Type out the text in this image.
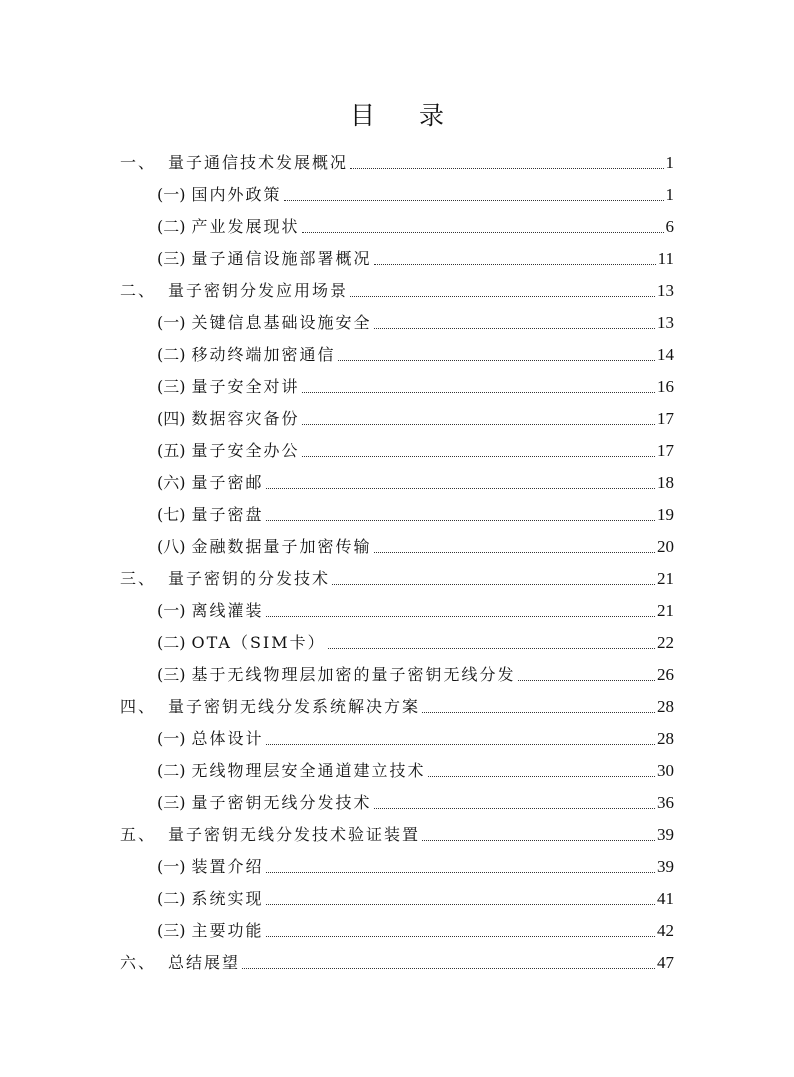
目 录
一、 量子通信技术发展概况	1
(一) 国内外政策	1
(二) 产业发展现状	6
(三) 量子通信设施部署概况	11
二、 量子密钥分发应用场景	13
(一) 关键信息基础设施安全	13
(二) 移动终端加密通信	14
(三) 量子安全对讲	16
(四) 数据容灾备份	17
(五) 量子安全办公	17
(六) 量子密邮	18
(七) 量子密盘	19
(八) 金融数据量子加密传输	20
三、 量子密钥的分发技术	21
(一) 离线灌装	21
(二) OTA（SIM卡）	22
(三) 基于无线物理层加密的量子密钥无线分发	26
四、 量子密钥无线分发系统解决方案	28
(一) 总体设计	28
(二) 无线物理层安全通道建立技术	30
(三) 量子密钥无线分发技术	36
五、 量子密钥无线分发技术验证装置	39
(一) 装置介绍	39
(二) 系统实现	41
(三) 主要功能	42
六、 总结展望	47
